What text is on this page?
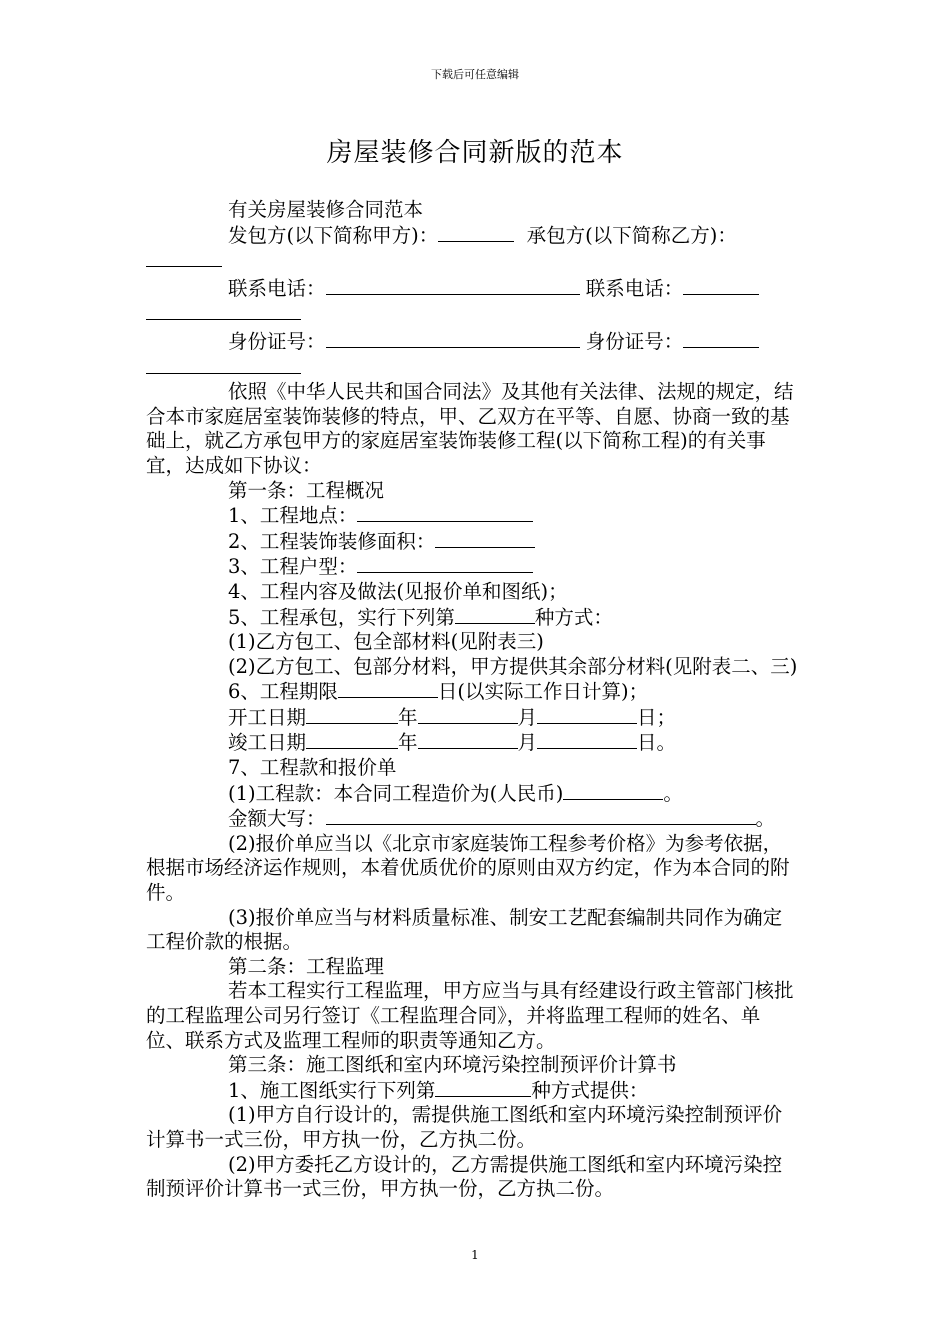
下载后可任意编辑
房屋装修合同新版的范本
有关房屋装修合同范本
发包方(以下简称甲方)：	承包方(以下简称乙方)：
联系电话：	联系电话：
身份证号：	身份证号：
依照《中华人民共和国合同法》及其他有关法律、法规的规定，结合本市家庭居室装饰装修的特点，甲、乙双方在平等、自愿、协商一致的基础上，就乙方承包甲方的家庭居室装饰装修工程(以下简称工程)的有关事宜，达成如下协议：
第一条：工程概况
1、工程地点：
2、工程装饰装修面积：
3、工程户型：
4、工程内容及做法(见报价单和图纸)；
5、工程承包，实行下列第	种方式：
(1)乙方包工、包全部材料(见附表三)
(2)乙方包工、包部分材料，甲方提供其余部分材料(见附表二、三)
6、工程期限	日(以实际工作日计算)；
开工日期	年	月	日；
竣工日期	年	月	日。
7、工程款和报价单
(1)工程款：本合同工程造价为(人民币)	。
金额大写：	。
(2)报价单应当以《北京市家庭装饰工程参考价格》为参考依据，根据市场经济运作规则，本着优质优价的原则由双方约定，作为本合同的附件。
(3)报价单应当与材料质量标准、制安工艺配套编制共同作为确定工程价款的根据。
第二条：工程监理
若本工程实行工程监理，甲方应当与具有经建设行政主管部门核批的工程监理公司另行签订《工程监理合同》，并将监理工程师的姓名、单位、联系方式及监理工程师的职责等通知乙方。
第三条：施工图纸和室内环境污染控制预评价计算书
1、施工图纸实行下列第	种方式提供：
(1)甲方自行设计的，需提供施工图纸和室内环境污染控制预评价计算书一式三份，甲方执一份，乙方执二份。
(2)甲方委托乙方设计的，乙方需提供施工图纸和室内环境污染控制预评价计算书一式三份，甲方执一份，乙方执二份。
1
